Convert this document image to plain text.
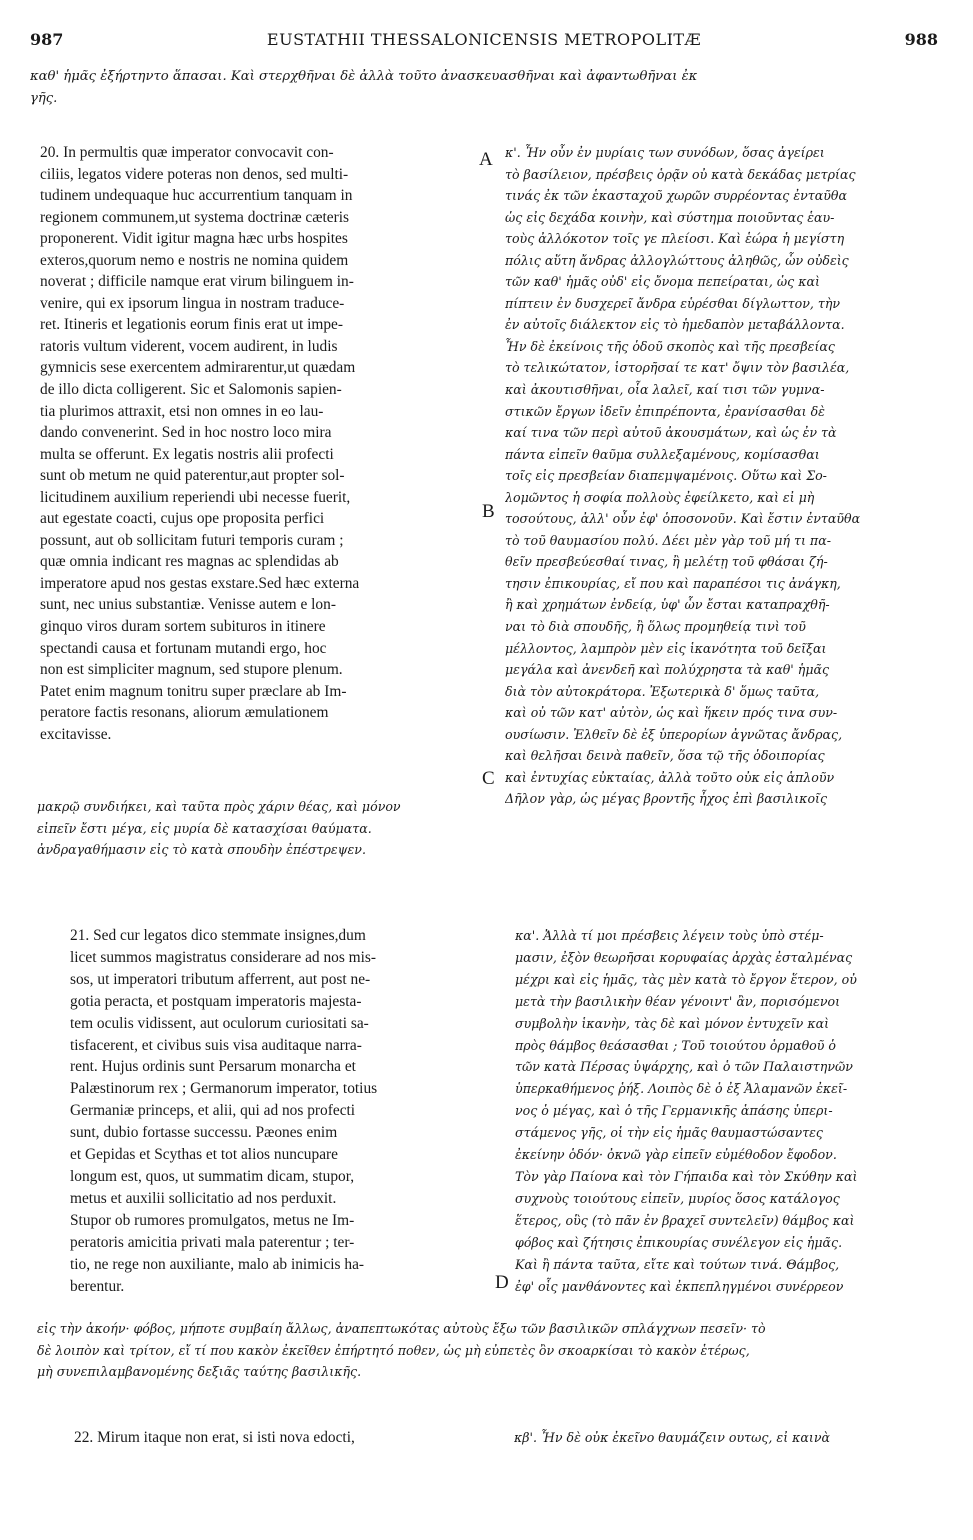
987	EUSTATHII THESSALONICENSIS METROPOLITÆ	988
καθ' ἡμᾶς ἐξήρτηντο ἅπασαι. Καὶ στερχθῆναι δὲ ἀλλὰ τοῦτο ἀνασκευασθῆναι καὶ ἀφαντωθῆναι ἐκ
γῆς.
20. In permultis quæ imperator convocavit con-
ciliis, legatos videre poteras non denos, sed multi-
tudinem undequaque huc accurrentium tanquam in
regionem communem,ut systema doctrinæ cæteris
proponerent. Vidit igitur magna hæc urbs hospites
exteros,quorum nemo e nostris ne nomina quidem
noverat ; difficile namque erat virum bilinguem in-
venire, qui ex ipsorum lingua in nostram traduce-
ret. Itineris et legationis eorum finis erat ut impe-
ratoris vultum viderent, vocem audirent, in ludis
gymnicis sese exercentem admirarentur,ut quædam
de illo dicta colligerent. Sic et Salomonis sapien-
tia plurimos attraxit, etsi non omnes in eo lau-
dando convenerint. Sed in hoc nostro loco mira
multa se offerunt. Ex legatis nostris alii profecti
sunt ob metum ne quid paterentur,aut propter sol-
licitudinem auxilium reperiendi ubi necesse fuerit,
aut egestate coacti, cujus ope proposita perfici
possunt, aut ob sollicitam futuri temporis curam ;
quæ omnia indicant res magnas ac splendidas ab
imperatore apud nos gestas exstare.Sed hæc externa
sunt, nec unius substantiæ. Venisse autem e lon-
ginquo viros duram sortem subituros in itinere
spectandi causa et fortunam mutandi ergo, hoc
non est simpliciter magnum, sed stupore plenum.
Patet enim magnum tonitru super præclare ab Im-
peratore factis resonans, aliorum æmulationem
excitavisse.
A
B
C
D
κ'. Ἦν οὖν ἐν μυρίαις των συνόδων, ὅσας ἀγείρει
τὸ βασίλειον, πρέσβεις ὁρᾷν οὐ κατὰ δεκάδας μετρίας
τινάς ἐκ τῶν ἑκασταχοῦ χωρῶν συρρέοντας ἐνταῦθα
ὡς εἰς δεχάδα κοινὴν, καὶ σύστημα ποιοῦντας ἑαυ-
τοὺς ἀλλόκοτον τοῖς γε πλείοσι. Καὶ ἑώρα ἡ μεγίστη
πόλις αὕτη ἄνδρας ἀλλογλώττους ἀληθῶς, ὧν οὐδεὶς
τῶν καθ' ἡμᾶς οὐδ' εἰς ὄνομα πεπείραται, ὡς καὶ
πίπτειν ἐν δυσχερεῖ ἄνδρα εὑρέσθαι δίγλωττον, τὴν
ἐν αὐτοῖς διάλεκτον εἰς τὸ ἡμεδαπὸν μεταβάλλοντα.
Ἦν δὲ ἐκείνοις τῆς ὁδοῦ σκοπὸς καὶ τῆς πρεσβείας
τὸ τελικώτατον, ἱστορῆσαί τε κατ' ὄψιν τὸν βασιλέα,
καὶ ἀκουτισθῆναι, οἷα λαλεῖ, καί τισι τῶν γυμνα-
στικῶν ἔργων ἰδεῖν ἐπιπρέποντα, ἐρανίσασθαι δὲ
καί τινα τῶν περὶ αὐτοῦ ἀκουσμάτων, καὶ ὡς ἐν τὰ
πάντα εἰπεῖν θαῦμα συλλεξαμένους, κομίσασθαι
τοῖς εἰς πρεσβείαν διαπεμψαμένοις. Οὕτω καὶ Σο-
λομῶντος ἡ σοφία πολλοὺς ἐφείλκετο, καὶ εἰ μὴ
τοσούτους, ἀλλ' οὖν ἐφ' ὁποσονοῦν. Καὶ ἔστιν ἐνταῦθα
τὸ τοῦ θαυμασίου πολύ. Δέει μὲν γὰρ τοῦ μή τι πα-
θεῖν πρεσβεύεσθαί τινας, ἢ μελέτῃ τοῦ φθάσαι ζή-
τησιν ἐπικουρίας, εἴ που καὶ παραπέσοι τις ἀνάγκη,
ἢ καὶ χρημάτων ἐνδείᾳ, ὑφ' ὧν ἔσται καταπραχθῆ-
ναι τὸ διὰ σπουδῆς, ἢ ὅλως προμηθείᾳ τινὶ τοῦ
μέλλοντος, λαμπρὸν μὲν εἰς ἱκανότητα τοῦ δεῖξαι
μεγάλα καὶ ἀνενδεῆ καὶ πολύχρηστα τὰ καθ' ἡμᾶς
διὰ τὸν αὐτοκράτορα. Ἐξωτερικὰ δ' ὅμως ταῦτα,
καὶ οὐ τῶν κατ' αὐτὸν, ὡς καὶ ἥκειν πρός τινα συν-
ουσίωσιν. Ἐλθεῖν δὲ ἐξ ὑπερορίων ἀγνῶτας ἄνδρας,
καὶ θελῆσαι δεινὰ παθεῖν, ὅσα τῷ τῆς ὁδοιπορίας
καὶ ἐντυχίας εὐκταίας, ἀλλὰ τοῦτο οὐκ εἰς ἁπλοῦν
Δῆλον γὰρ, ὡς μέγας βροντῆς ἦχος ἐπὶ βασιλικοῖς
μακρῷ συνδιήκει, καὶ ταῦτα πρὸς χάριν θέας, καὶ μόνον
εἰπεῖν ἔστι μέγα, εἰς μυρία δὲ κατασχίσαι θαύματα.
ἀνδραγαθήμασιν εἰς τὸ κατὰ σπουδὴν ἐπέστρεψεν.
21. Sed cur legatos dico stemmate insignes,dum
licet summos magistratus considerare ad nos mis-
sos, ut imperatori tributum afferrent, aut post ne-
gotia peracta, et postquam imperatoris majesta-
tem oculis vidissent, aut oculorum curiositati sa-
tisfacerent, et civibus suis visa auditaque narra-
rent. Hujus ordinis sunt Persarum monarcha et
Palæstinorum rex ; Germanorum imperator, totius
Germaniæ princeps, et alii, qui ad nos profecti
sunt, dubio fortasse successu. Pæones enim
et Gepidas et Scythas et tot alios nuncupare
longum est, quos, ut summatim dicam, stupor,
metus et auxilii sollicitatio ad nos perduxit.
Stupor ob rumores promulgatos, metus ne Im-
peratoris amicitia privati mala paterentur ; ter-
tio, ne rege non auxiliante, malo ab inimicis ha-
berentur.
κα'. Ἀλλὰ τί μοι πρέσβεις λέγειν τοὺς ὑπὸ στέμ-
μασιν, ἐξὸν θεωρῆσαι κορυφαίας ἀρχὰς ἐσταλμένας
μέχρι καὶ εἰς ἡμᾶς, τὰς μὲν κατὰ τὸ ἔργον ἕτερον, οὐ
μετὰ τὴν βασιλικὴν θέαν γένοιντ' ἂν, πορισόμενοι
συμβολὴν ἱκανὴν, τὰς δὲ καὶ μόνον ἐντυχεῖν καὶ
πρὸς θάμβος θεάσασθαι ; Τοῦ τοιούτου ὁρμαθοῦ ὁ
τῶν κατὰ Πέρσας ὑψάρχης, καὶ ὁ τῶν Παλαιστηνῶν
ὑπερκαθήμενος ῥήξ. Λοιπὸς δὲ ὁ ἐξ Ἀλαμανῶν ἐκεῖ-
νος ὁ μέγας, καὶ ὁ τῆς Γερμανικῆς ἁπάσης ὑπερι-
στάμενος γῆς, οἱ τὴν εἰς ἡμᾶς θαυμαστώσαντες
ἐκείνην ὁδόν· ὀκνῶ γὰρ εἰπεῖν εὐμέθοδον ἔφοδον.
Τὸν γὰρ Παίονα καὶ τὸν Γήπαιδα καὶ τὸν Σκύθην καὶ
συχνοὺς τοιούτους εἰπεῖν, μυρίος ὅσος κατάλογος
ἕτερος, οὓς (τὸ πᾶν ἐν βραχεῖ συντελεῖν) θάμβος καὶ
φόβος καὶ ζήτησις ἐπικουρίας συνέλεγον εἰς ἡμᾶς.
Καὶ ἢ πάντα ταῦτα, εἴτε καὶ τούτων τινά. Θάμβος,
ἐφ' οἷς μανθάνοντες καὶ ἐκπεπληγμένοι συνέρρεον
εἰς τὴν ἀκοήν· φόβος, μήποτε συμβαίη ἄλλως, ἀναπεπτωκότας αὐτοὺς ἔξω τῶν βασιλικῶν σπλάγχνων πεσεῖν· τὸ
δὲ λοιπὸν καὶ τρίτον, εἴ τί που κακὸν ἐκεῖθεν ἐπήρτητό ποθεν, ὡς μὴ εὐπετὲς ὂν σκοαρκίσαι τὸ κακὸν ἑτέρως,
μὴ συνεπιλαμβανομένης δεξιᾶς ταύτης βασιλικῆς.
22. Mirum itaque non erat, si isti nova edocti,	κβ'. Ἦν δὲ οὐκ ἐκεῖνο θαυμάζειν ουτως, εἰ καινὰ
